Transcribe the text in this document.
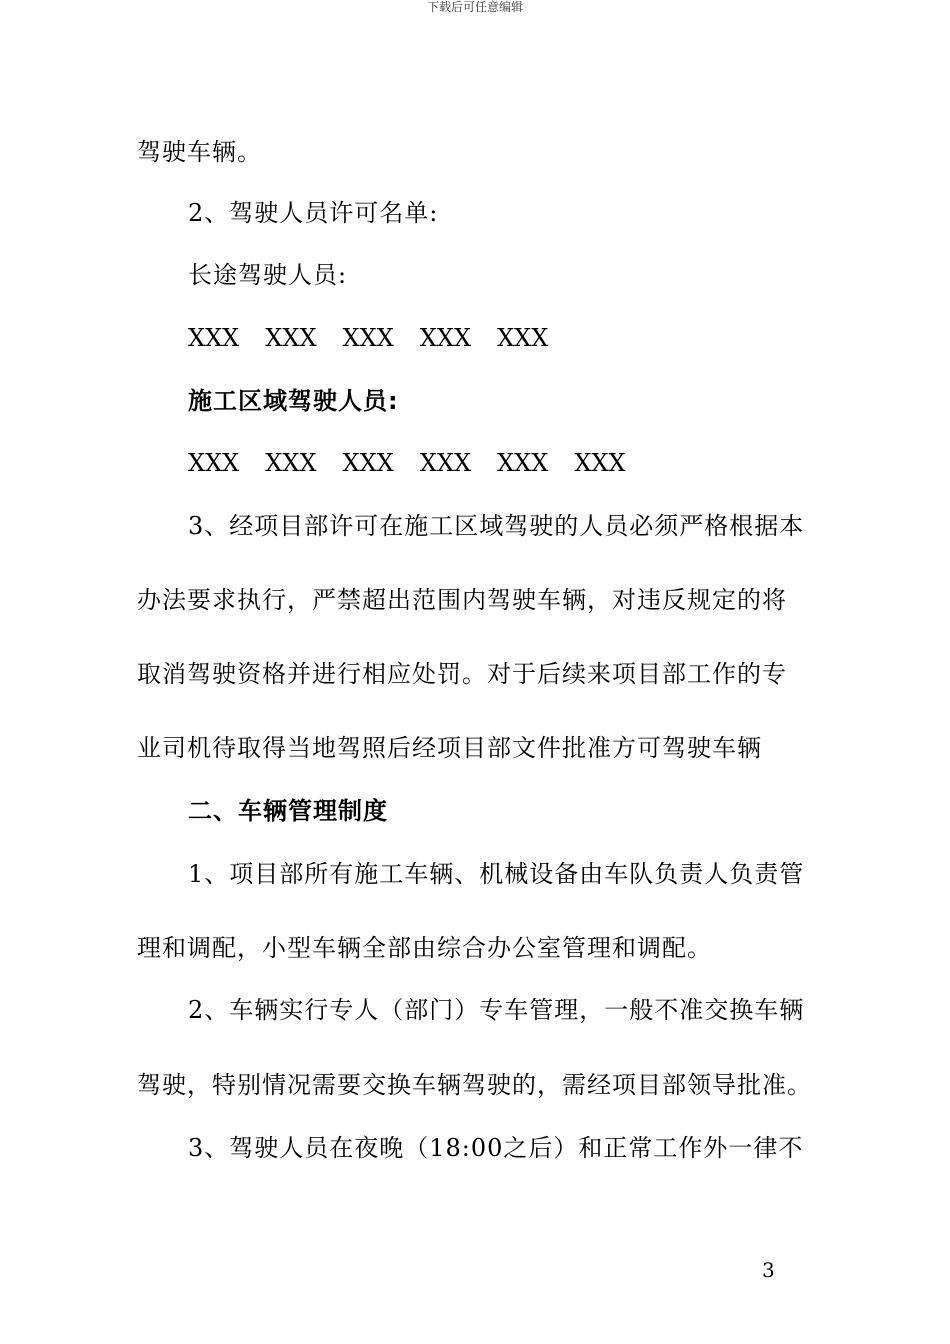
下载后可任意编辑
驾驶车辆。
2、驾驶人员许可名单:
长途驾驶人员:
XXX XXX XXX XXX XXX
施工区域驾驶人员:
XXX XXX XXX XXX XXX XXX
3、经项目部许可在施工区域驾驶的人员必须严格根据本
办法要求执行，严禁超出范围内驾驶车辆，对违反规定的将
取消驾驶资格并进行相应处罚。对于后续来项目部工作的专
业司机待取得当地驾照后经项目部文件批准方可驾驶车辆
二、车辆管理制度
1、项目部所有施工车辆、机械设备由车队负责人负责管
理和调配，小型车辆全部由综合办公室管理和调配。
2、车辆实行专人（部门）专车管理，一般不准交换车辆
驾驶，特别情况需要交换车辆驾驶的，需经项目部领导批准。
3、驾驶人员在夜晚（18:00之后）和正常工作外一律不
3
